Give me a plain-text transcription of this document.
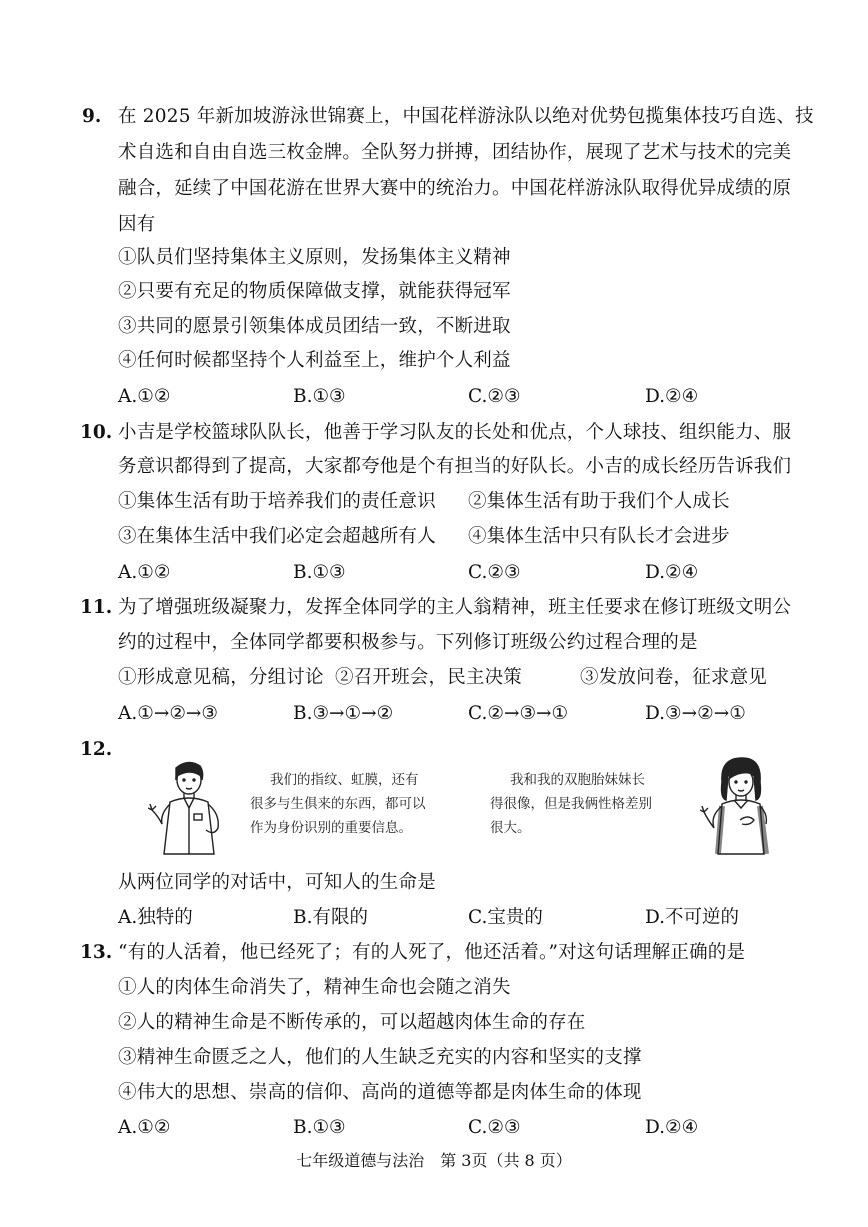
9. 在 2025 年新加坡游泳世锦赛上，中国花样游泳队以绝对优势包揽集体技巧自选、技
术自选和自由自选三枚金牌。全队努力拼搏，团结协作，展现了艺术与技术的完美
融合，延续了中国花游在世界大赛中的统治力。中国花样游泳队取得优异成绩的原
因有
①队员们坚持集体主义原则，发扬集体主义精神
②只要有充足的物质保障做支撑，就能获得冠军
③共同的愿景引领集体成员团结一致，不断进取
④任何时候都坚持个人利益至上，维护个人利益
A.①②	B.①③	C.②③	D.②④
10. 小吉是学校篮球队队长，他善于学习队友的长处和优点，个人球技、组织能力、服
务意识都得到了提高，大家都夸他是个有担当的好队长。小吉的成长经历告诉我们
①集体生活有助于培养我们的责任意识 ②集体生活有助于我们个人成长
③在集体生活中我们必定会超越所有人 ④集体生活中只有队长才会进步
A.①②	B.①③	C.②③	D.②④
11. 为了增强班级凝聚力，发挥全体同学的主人翁精神，班主任要求在修订班级文明公
约的过程中，全体同学都要积极参与。下列修订班级公约过程合理的是
①形成意见稿，分组讨论 ②召开班会，民主决策	③发放问卷，征求意见
A.①→②→③	B.③→①→②	C.②→③→①	D.③→②→①
12.
我们的指纹、虹膜，还有
很多与生俱来的东西，都可以
作为身份识别的重要信息。
我和我的双胞胎妹妹长
得很像，但是我俩性格差别
很大。
从两位同学的对话中，可知人的生命是
A.独特的	B.有限的	C.宝贵的	D.不可逆的
13. “有的人活着，他已经死了；有的人死了，他还活着。”对这句话理解正确的是
①人的肉体生命消失了，精神生命也会随之消失
②人的精神生命是不断传承的，可以超越肉体生命的存在
③精神生命匮乏之人，他们的人生缺乏充实的内容和坚实的支撑
④伟大的思想、崇高的信仰、高尚的道德等都是肉体生命的体现
A.①②	B.①③	C.②③	D.②④
七年级道德与法治　第 3页（共 8 页）
